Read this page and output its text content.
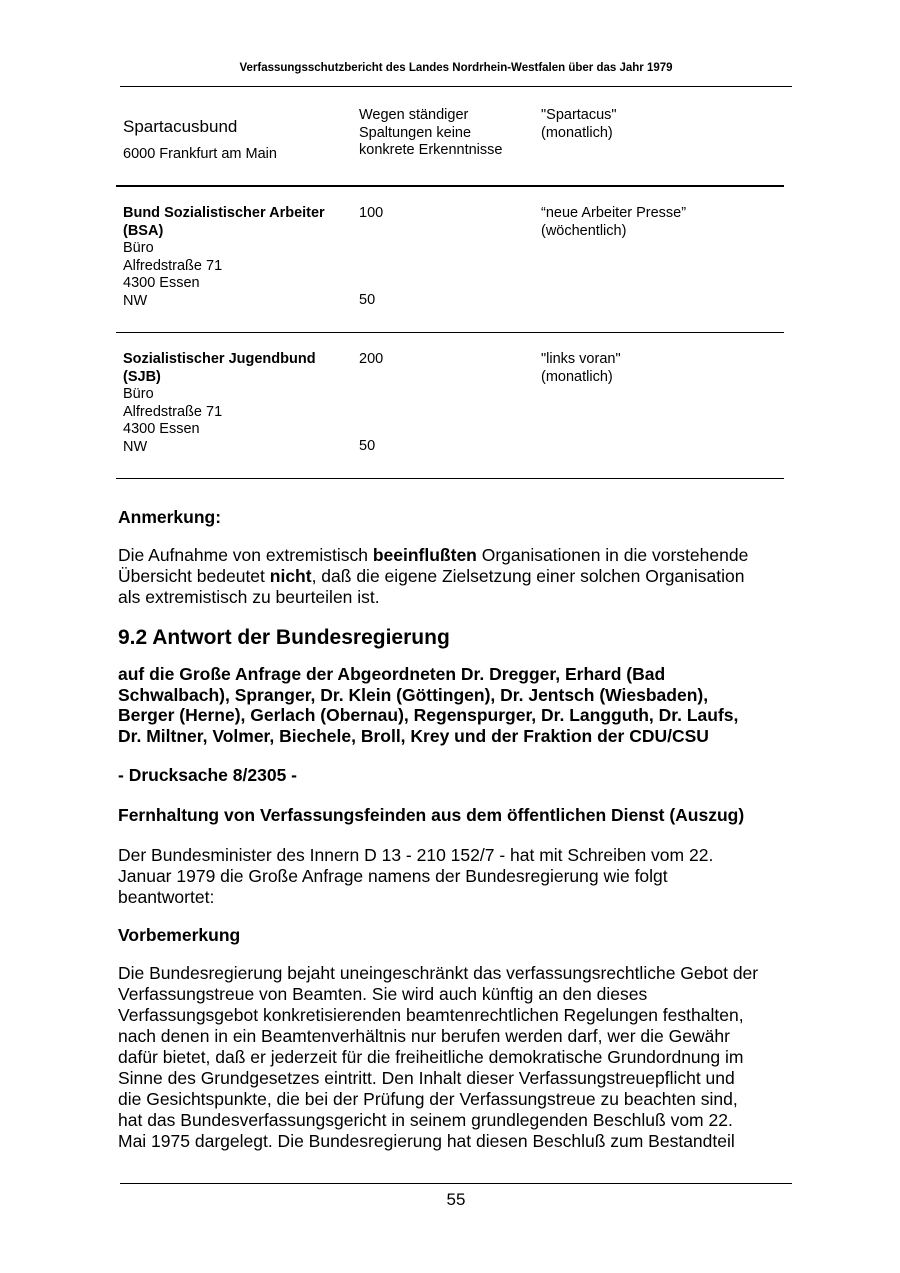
Verfassungsschutzbericht des Landes Nordrhein-Westfalen über das Jahr 1979
Spartacusbund
6000 Frankfurt am Main
Wegen ständiger
Spaltungen keine
konkrete Erkenntnisse
"Spartacus"
(monatlich)
Bund Sozialistischer Arbeiter
(BSA)
Büro
Alfredstraße 71
4300 Essen
NW
100
50
“neue Arbeiter Presse”
(wöchentlich)
Sozialistischer Jugendbund
(SJB)
Büro
Alfredstraße 71
4300 Essen
NW
200
50
"links voran"
(monatlich)
Anmerkung:
Die Aufnahme von extremistisch beeinflußten Organisationen in die vorstehende
Übersicht bedeutet nicht, daß die eigene Zielsetzung einer solchen Organisation
als extremistisch zu beurteilen ist.
9.2 Antwort der Bundesregierung
auf die Große Anfrage der Abgeordneten Dr. Dregger, Erhard (Bad
Schwalbach), Spranger, Dr. Klein (Göttingen), Dr. Jentsch (Wiesbaden),
Berger (Herne), Gerlach (Obernau), Regenspurger, Dr. Langguth, Dr. Laufs,
Dr. Miltner, Volmer, Biechele, Broll, Krey und der Fraktion der CDU/CSU
- Drucksache 8/2305 -
Fernhaltung von Verfassungsfeinden aus dem öffentlichen Dienst (Auszug)
Der Bundesminister des Innern D 13 - 210 152/7 - hat mit Schreiben vom 22.
Januar 1979 die Große Anfrage namens der Bundesregierung wie folgt
beantwortet:
Vorbemerkung
Die Bundesregierung bejaht uneingeschränkt das verfassungsrechtliche Gebot der
Verfassungstreue von Beamten. Sie wird auch künftig an den dieses
Verfassungsgebot konkretisierenden beamtenrechtlichen Regelungen festhalten,
nach denen in ein Beamtenverhältnis nur berufen werden darf, wer die Gewähr
dafür bietet, daß er jederzeit für die freiheitliche demokratische Grundordnung im
Sinne des Grundgesetzes eintritt. Den Inhalt dieser Verfassungstreuepflicht und
die Gesichtspunkte, die bei der Prüfung der Verfassungstreue zu beachten sind,
hat das Bundesverfassungsgericht in seinem grundlegenden Beschluß vom 22.
Mai 1975 dargelegt. Die Bundesregierung hat diesen Beschluß zum Bestandteil
55
